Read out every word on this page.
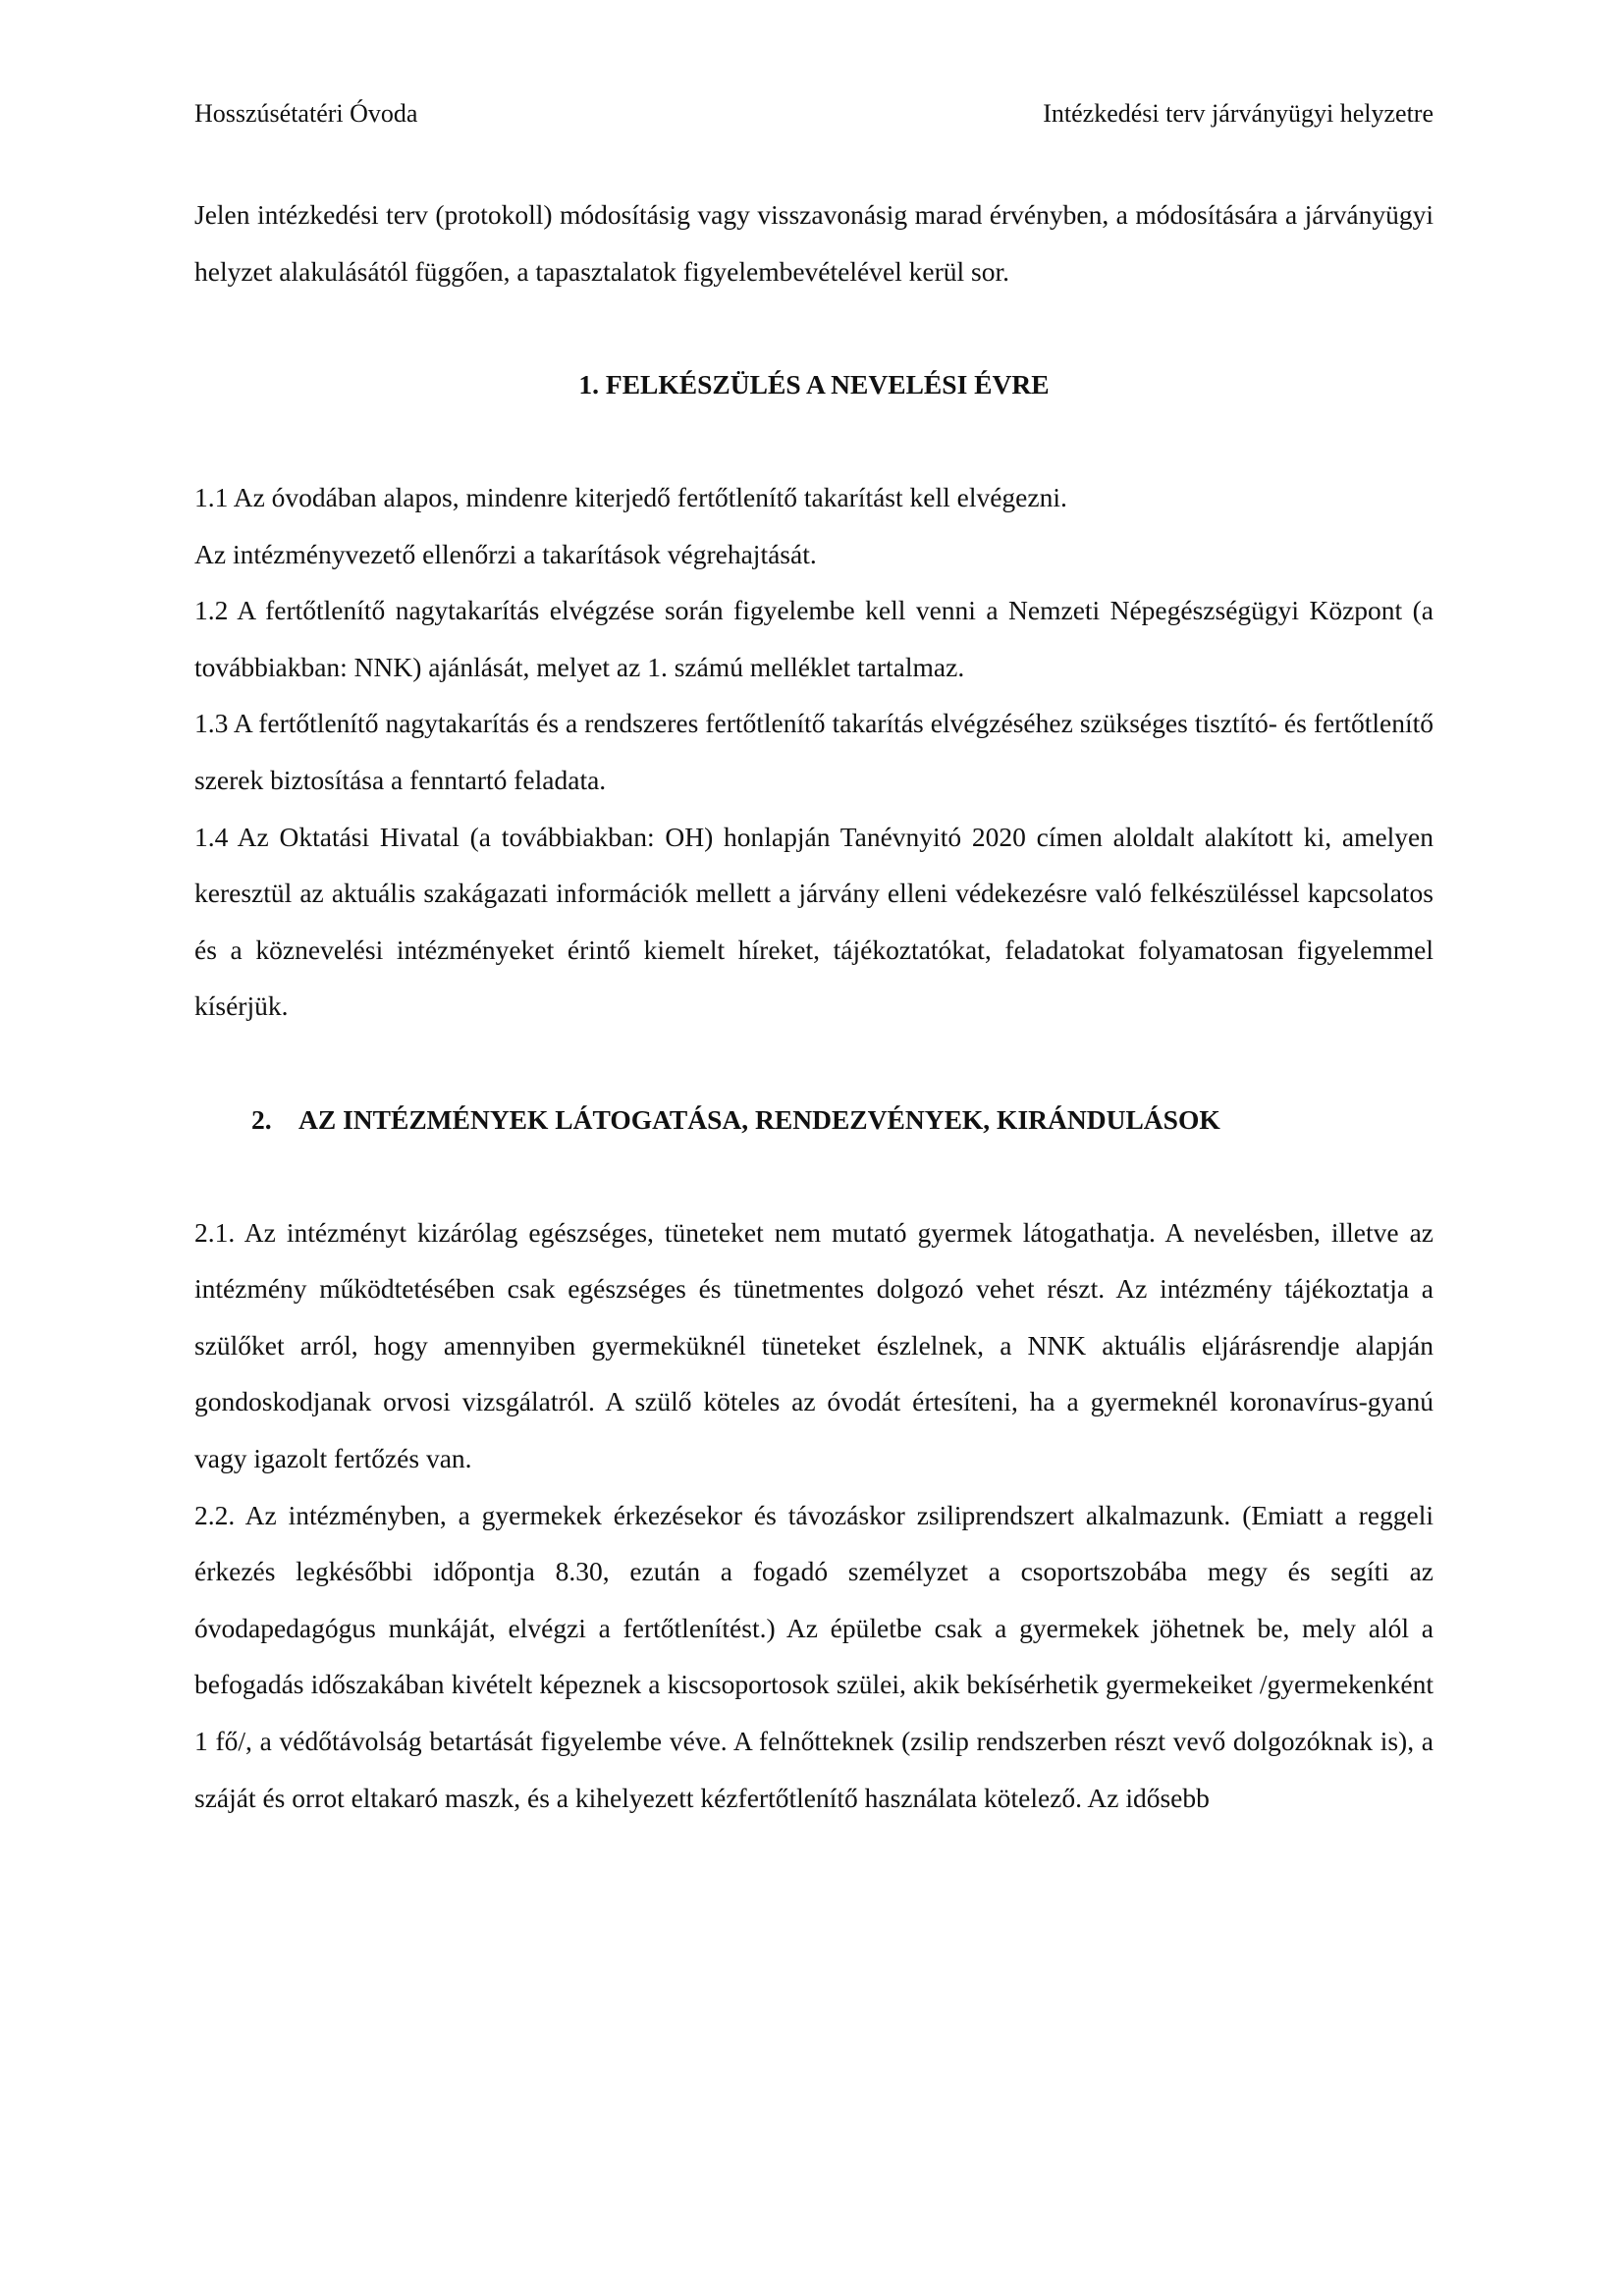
Hosszúsétatéri Óvoda	Intézkedési terv járványügyi helyzetre

Jelen intézkedési terv (protokoll) módosításig vagy visszavonásig marad érvényben, a módosítására a járványügyi helyzet alakulásától függően, a tapasztalatok figyelembevételével kerül sor.

1. FELKÉSZÜLÉS A NEVELÉSI ÉVRE

1.1 Az óvodában alapos, mindenre kiterjedő fertőtlenítő takarítást kell elvégezni.

Az intézményvezető ellenőrzi a takarítások végrehajtását.

1.2 A fertőtlenítő nagytakarítás elvégzése során figyelembe kell venni a Nemzeti Népegészségügyi Központ (a továbbiakban: NNK) ajánlását, melyet az 1. számú melléklet tartalmaz.

1.3 A fertőtlenítő nagytakarítás és a rendszeres fertőtlenítő takarítás elvégzéséhez szükséges tisztító- és fertőtlenítő szerek biztosítása a fenntartó feladata.

1.4 Az Oktatási Hivatal (a továbbiakban: OH) honlapján Tanévnyitó 2020 címen aloldalt alakított ki, amelyen keresztül az aktuális szakágazati információk mellett a járvány elleni védekezésre való felkészüléssel kapcsolatos és a köznevelési intézményeket érintő kiemelt híreket, tájékoztatókat, feladatokat folyamatosan figyelemmel kísérjük.

2. AZ INTÉZMÉNYEK LÁTOGATÁSA, RENDEZVÉNYEK, KIRÁNDULÁSOK

2.1. Az intézményt kizárólag egészséges, tüneteket nem mutató gyermek látogathatja. A nevelésben, illetve az intézmény működtetésében csak egészséges és tünetmentes dolgozó vehet részt. Az intézmény tájékoztatja a szülőket arról, hogy amennyiben gyermeküknél tüneteket észlelnek, a NNK aktuális eljárásrendje alapján gondoskodjanak orvosi vizsgálatról. A szülő köteles az óvodát értesíteni, ha a gyermeknél koronavírus-gyanú vagy igazolt fertőzés van.

2.2. Az intézményben, a gyermekek érkezésekor és távozáskor zsiliprendszert alkalmazunk. (Emiatt a reggeli érkezés legkésőbbi időpontja 8.30, ezután a fogadó személyzet a csoportszobába megy és segíti az óvodapedagógus munkáját, elvégzi a fertőtlenítést.) Az épületbe csak a gyermekek jöhetnek be, mely alól a befogadás időszakában kivételt képeznek a kiscsoportosok szülei, akik bekísérhetik gyermekeiket /gyermekenként 1 fő/, a védőtávolság betartását figyelembe véve. A felnőtteknek (zsilip rendszerben részt vevő dolgozóknak is), a száját és orrot eltakaró maszk, és a kihelyezett kézfertőtlenítő használata kötelező. Az idősebb
